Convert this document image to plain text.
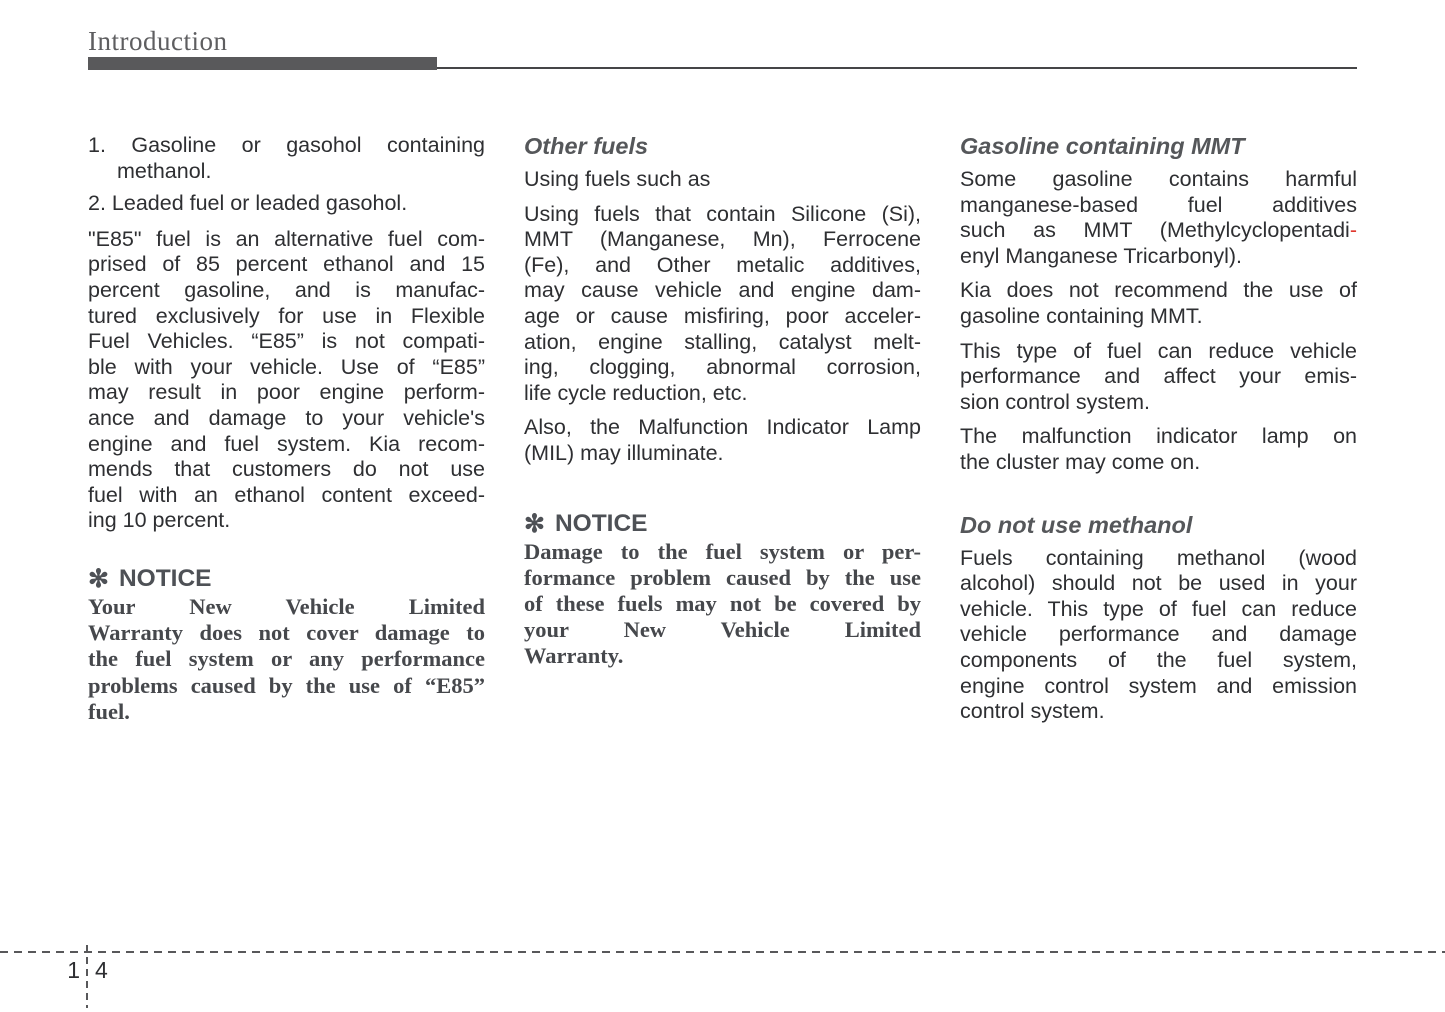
Introduction
1. Gasoline or gasohol containing
methanol.
2. Leaded fuel or leaded gasohol.
"E85" fuel is an alternative fuel com-
prised of 85 percent ethanol and 15
percent gasoline, and is manufac-
tured exclusively for use in Flexible
Fuel Vehicles. “E85” is not compati-
ble with your vehicle. Use of “E85”
may result in poor engine perform-
ance and damage to your vehicle's
engine and fuel system. Kia recom-
mends that customers do not use
fuel with an ethanol content exceed-
ing 10 percent.
✻ NOTICE
Your New Vehicle Limited
Warranty does not cover damage to
the fuel system or any performance
problems caused by the use of “E85”
fuel.
Other fuels
Using fuels such as
Using fuels that contain Silicone (Si),
MMT (Manganese, Mn), Ferrocene
(Fe), and Other metalic additives,
may cause vehicle and engine dam-
age or cause misfiring, poor acceler-
ation, engine stalling, catalyst melt-
ing, clogging, abnormal corrosion,
life cycle reduction, etc.
Also, the Malfunction Indicator Lamp
(MIL) may illuminate.
✻ NOTICE
Damage to the fuel system or per-
formance problem caused by the use
of these fuels may not be covered by
your New Vehicle Limited
Warranty.
Gasoline containing MMT
Some gasoline contains harmful
manganese-based fuel additives
such as MMT (Methylcyclopentadi-
enyl Manganese Tricarbonyl).
Kia does not recommend the use of
gasoline containing MMT.
This type of fuel can reduce vehicle
performance and affect your emis-
sion control system.
The malfunction indicator lamp on
the cluster may come on.
Do not use methanol
Fuels containing methanol (wood
alcohol) should not be used in your
vehicle. This type of fuel can reduce
vehicle performance and damage
components of the fuel system,
engine control system and emission
control system.
1 4
